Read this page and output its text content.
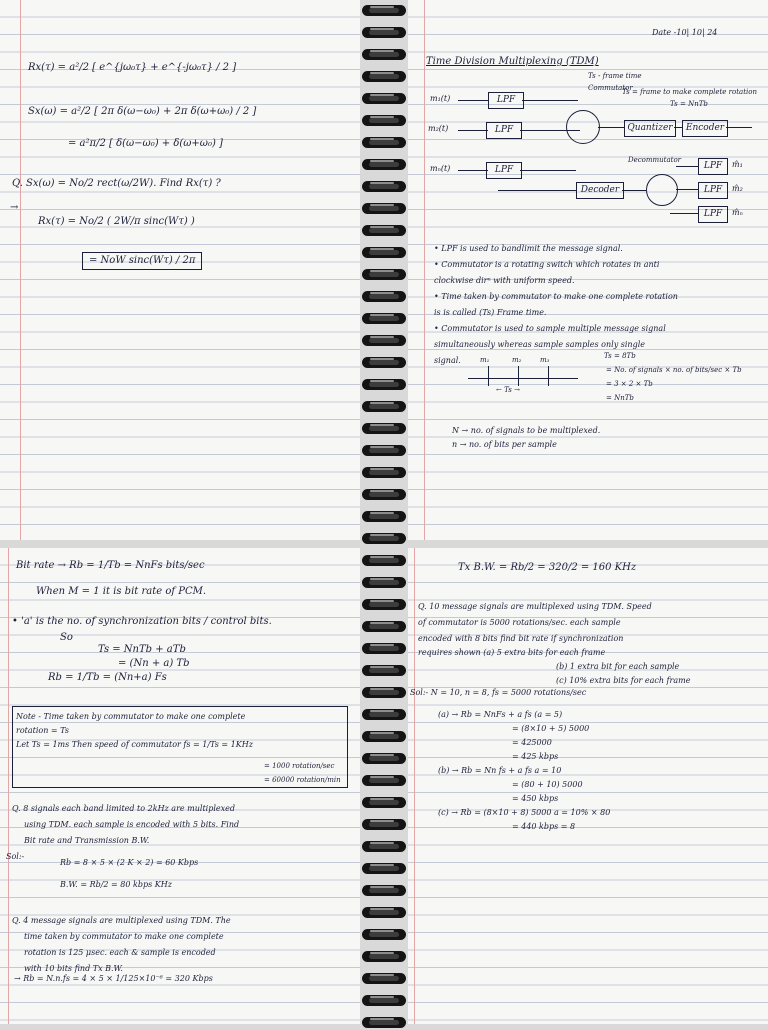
Rx(τ) = a²/2 [ e^{jω₀τ} + e^{-jω₀τ} / 2 ]
Sx(ω) = a²/2 [ 2π δ(ω−ω₀) + 2π δ(ω+ω₀) / 2 ]
= a²π/2 [ δ(ω−ω₀) + δ(ω+ω₀) ]
Q. Sx(ω) = No/2 rect(ω/2W). Find Rx(τ) ?
→
Rx(τ) = No/2 ( 2W/π sinc(Wτ) )
= NoW sinc(Wτ) / 2π
Date -10| 10| 24
Time Division Multiplexing (TDM)
Ts - frame time
Ts = frame to make complete rotation
Ts = NnTb
m₁(t)
m₂(t)
mₙ(t)
LPF
LPF
LPF
Commutator
Quantizer	Encoder
Decommutator
Decoder
LPF
LPF
LPF
m̂₁
m̂₂
m̂ₙ
• LPF is used to bandlimit the message signal.
• Commutator is a rotating switch which rotates in anti
clockwise dirⁿ with uniform speed.
• Time taken by commutator to make one complete rotation
is is called (Ts) Frame time.
• Commutator is used to sample multiple message signal
simultaneously whereas sample samples only single
signal.	m₁	m₂	m₃
← Ts →
Ts = 8Tb
= No. of signals × no. of bits/sec × Tb
= 3 × 2 × Tb
= NnTb
N → no. of signals to be multiplexed.
n → no. of bits per sample
Bit rate → Rb = 1/Tb = NnFs bits/sec
When M = 1 it is bit rate of PCM.
• 'a' is the no. of synchronization bits / control bits.
So
Ts = NnTb + aTb
= (Nn + a) Tb
Rb = 1/Tb = (Nn+a) Fs
Note - Time taken by commutator to make one complete
rotation = Ts
Let Ts = 1ms Then speed of commutator fs = 1/Ts = 1KHz
= 1000 rotation/sec
= 60000 rotation/min
Q. 8 signals each band limited to 2kHz are multiplexed
using TDM. each sample is encoded with 5 bits. Find
Bit rate and Transmission B.W.
Sol:-
Rb = 8 × 5 × (2 K × 2) = 60 Kbps
B.W. = Rb/2 = 80 kbps KHz
Q. 4 message signals are multiplexed using TDM. The
time taken by commutator to make one complete
rotation is 125 μsec. each & sample is encoded
with 10 bits find Tx B.W.
→ Rb = N.n.fs = 4 × 5 × 1/125×10⁻⁶ = 320 Kbps
Tx B.W. = Rb/2 = 320/2 = 160 KHz
Q. 10 message signals are multiplexed using TDM. Speed
of commutator is 5000 rotations/sec. each sample
encoded with 8 bits find bit rate if synchronization
requires shown (a) 5 extra bits for each frame
(b) 1 extra bit for each sample
(c) 10% extra bits for each frame
Sol:- N = 10, n = 8, fs = 5000 rotations/sec
(a) → Rb = NnFs + a fs (a = 5)
= (8×10 + 5) 5000
= 425000
= 425 kbps
(b) → Rb = Nn fs + a fs a = 10
= (80 + 10) 5000
= 450 kbps
(c) → Rb = (8×10 + 8) 5000 a = 10% × 80
= 440 kbps = 8
